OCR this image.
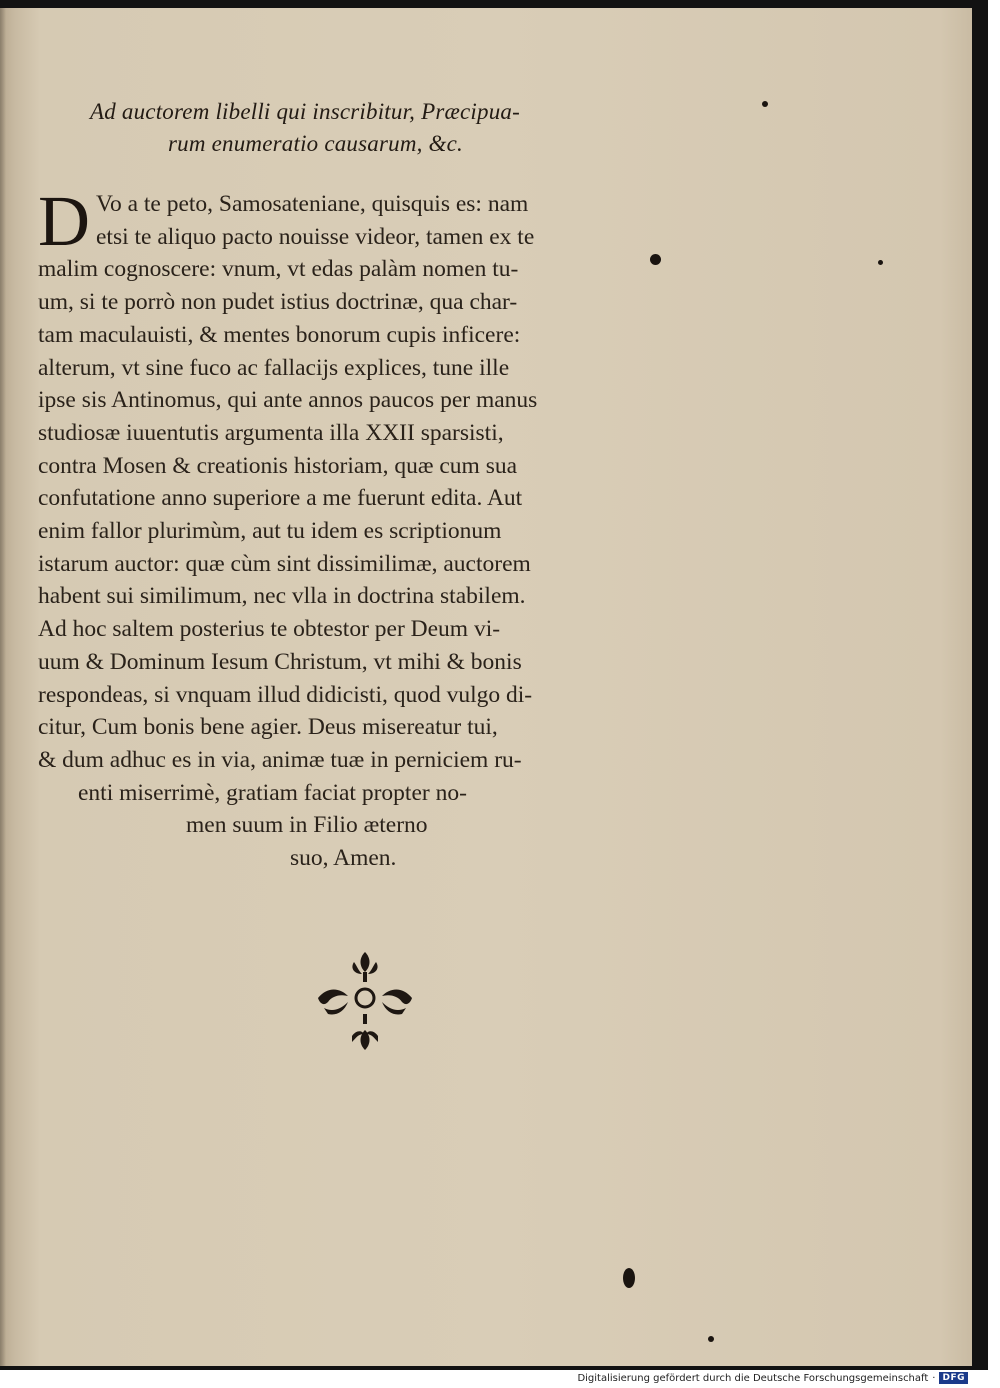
Ad auctorem libelli qui inscribitur, Præcipua-
rum enumeratio causarum, &c.
D Vo a te peto, Samosateniane, quisquis es: nam
etsi te aliquo pacto nouisse videor, tamen ex te
malim cognoscere: vnum, vt edas palàm nomen tu-
um, si te porrò non pudet istius doctrinæ, qua char-
tam maculauisti, & mentes bonorum cupis inficere:
alterum, vt sine fuco ac fallacijs explices, tune ille
ipse sis Antinomus, qui ante annos paucos per manus
studiosæ iuuentutis argumenta illa XXII sparsisti,
contra Mosen & creationis historiam, quæ cum sua
confutatione anno superiore a me fuerunt edita. Aut
enim fallor plurimùm, aut tu idem es scriptionum
istarum auctor: quæ cùm sint dissimilimæ, auctorem
habent sui similimum, nec vlla in doctrina stabilem.
Ad hoc saltem posterius te obtestor per Deum vi-
uum & Dominum Iesum Christum, vt mihi & bonis
respondeas, si vnquam illud didicisti, quod vulgo di-
citur, Cum bonis bene agier. Deus misereatur tui,
& dum adhuc es in via, animæ tuæ in perniciem ru-
enti miserrimè, gratiam faciat propter no-
men suum in Filio æterno
suo, Amen.
Digitalisierung gefördert durch die Deutsche Forschungsgemeinschaft · DFG
